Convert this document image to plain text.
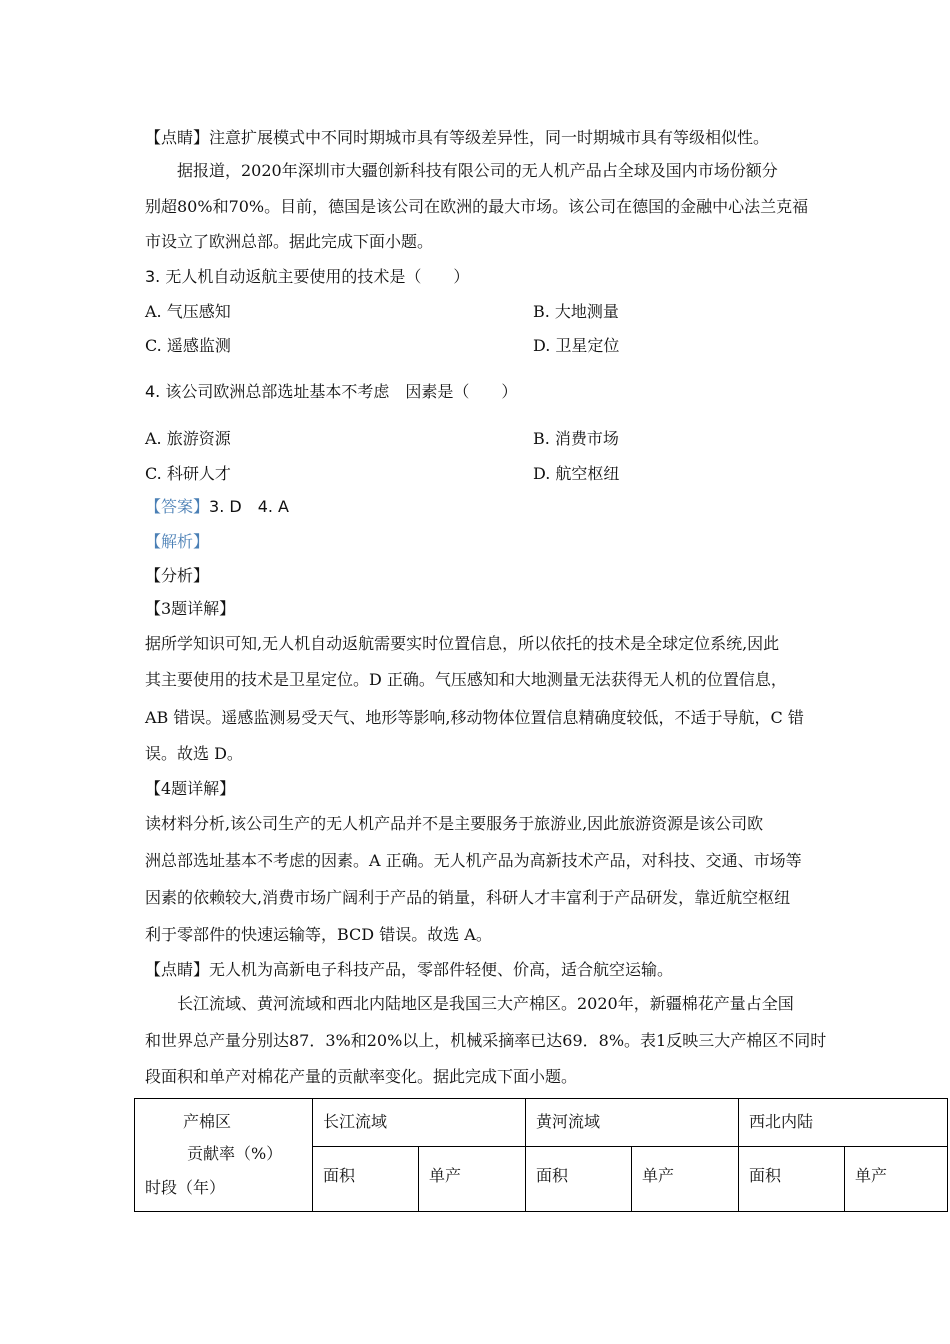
【点睛】注意扩展模式中不同时期城市具有等级差异性，同一时期城市具有等级相似性。
据报道，2020年深圳市大疆创新科技有限公司的无人机产品占全球及国内市场份额分
别超80%和70%。目前，德国是该公司在欧洲的最大市场。该公司在德国的金融中心法兰克福
市设立了欧洲总部。据此完成下面小题。
3. 无人机自动返航主要使用的技术是（　　）
A. 气压感知	B. 大地测量
C. 遥感监测	D. 卫星定位
4. 该公司欧洲总部选址基本不考虑　因素是（　　）
A. 旅游资源	B. 消费市场
C. 科研人才	D. 航空枢纽
【答案】3. D　4. A
【解析】
【分析】
【3题详解】
据所学知识可知,无人机自动返航需要实时位置信息，所以依托的技术是全球定位系统,因此
其主要使用的技术是卫星定位。D 正确。气压感知和大地测量无法获得无人机的位置信息，
AB 错误。遥感监测易受天气、地形等影响,移动物体位置信息精确度较低，不适于导航，C 错
误。故选 D。
【4题详解】
读材料分析,该公司生产的无人机产品并不是主要服务于旅游业,因此旅游资源是该公司欧
洲总部选址基本不考虑的因素。A 正确。无人机产品为高新技术产品，对科技、交通、市场等
因素的依赖较大,消费市场广阔利于产品的销量，科研人才丰富利于产品研发，靠近航空枢纽
利于零部件的快速运输等，BCD 错误。故选 A。
【点睛】无人机为高新电子科技产品，零部件轻便、价高，适合航空运输。
长江流域、黄河流域和西北内陆地区是我国三大产棉区。2020年，新疆棉花产量占全国
和世界总产量分别达87．3%和20%以上，机械采摘率已达69．8%。表1反映三大产棉区不同时
段面积和单产对棉花产量的贡献率变化。据此完成下面小题。
产棉区
贡献率（%）
时段（年）	长江流域		黄河流域		西北内陆	

	面积	单产	面积	单产	面积	单产
